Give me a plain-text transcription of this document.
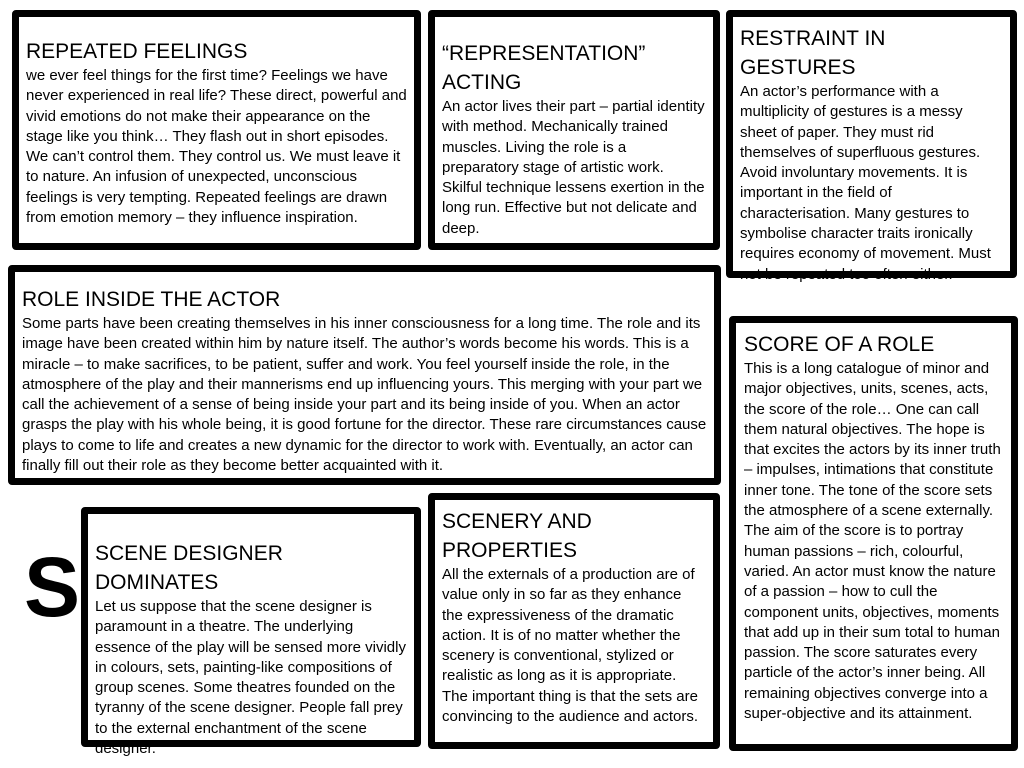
REPEATED FEELINGS

we ever feel things for the first time? Feelings we have never experienced in real life? These direct, powerful and vivid emotions do not make their appearance on the stage like you think… They flash out in short episodes. We can’t control them. They control us. We must leave it to nature. An infusion of unexpected, unconscious feelings is very tempting. Repeated feelings are drawn from emotion memory – they influence inspiration.

“REPRESENTATION” ACTING

An actor lives their part – partial identity with method. Mechanically trained muscles. Living the role is a preparatory stage of artistic work. Skilful technique lessens exertion in the long run. Effective but not delicate and deep.

RESTRAINT IN GESTURES

An actor’s performance with a multiplicity of gestures is a messy sheet of paper. They must rid themselves of superfluous gestures. Avoid involuntary movements. It is important in the field of characterisation. Many gestures to symbolise character traits ironically requires economy of movement. Must not be repeated too often either.

ROLE INSIDE THE ACTOR

Some parts have been creating themselves in his inner consciousness for a long time. The role and its image have been created within him by nature itself. The author’s words become his words. This is a miracle – to make sacrifices, to be patient, suffer and work. You feel yourself inside the role, in the atmosphere of the play and their mannerisms end up influencing yours. This merging with your part we call the achievement of a sense of being inside your part and its being inside of you. When an actor grasps the play with his whole being, it is good fortune for the director. These rare circumstances cause plays to come to life and creates a new dynamic for the director to work with. Eventually, an actor can finally fill out their role as they become better acquainted with it.

SCORE OF A ROLE

This is a long catalogue of minor and major objectives, units, scenes, acts, the score of the role… One can call them natural objectives. The hope is that excites the actors by its inner truth – impulses, intimations that constitute inner tone. The tone of the score sets the atmosphere of a scene externally. The aim of the score is to portray human passions – rich, colourful, varied. An actor must know the nature of a passion – how to cull the component units, objectives, moments that add up in their sum total to human passion. The score saturates every particle of the actor’s inner being. All remaining objectives converge into a super-objective and its attainment.

S SCENE DESIGNER DOMINATES

Let us suppose that the scene designer is paramount in a theatre. The underlying essence of the play will be sensed more vividly in colours, sets, painting-like compositions of group scenes. Some theatres founded on the tyranny of the scene designer. People fall prey to the external enchantment of the scene designer.

SCENERY AND PROPERTIES

All the externals of a production are of value only in so far as they enhance the expressiveness of the dramatic action. It is of no matter whether the scenery is conventional, stylized or realistic as long as it is appropriate. The important thing is that the sets are convincing to the audience and actors.
